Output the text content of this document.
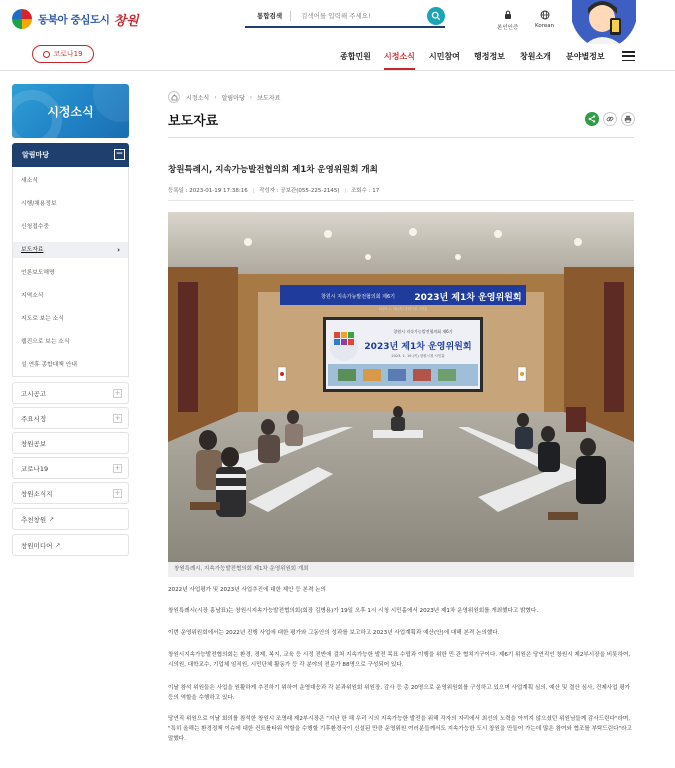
동북아 중심도시 창원	통합검색
검색어를 입력해 주세요!
본인인증	Korean
코로나19	종합민원 시정소식 시민참여 행정정보 창원소개 분야별정보
시정소식
알림마당	−
새소식
시행/채용정보
신청접수중
보도자료	›
언론보도해명
지역소식
지도로 보는 소식
웹진으로 보는 소식
설 연휴 종합대책 안내
고시공고	+
주요시정	+
창원공보
코로나19	+
창원소식지	+
추천창원 ↗
창원미디어 ↗
시정소식 › 알림마당 › 보도자료
보도자료
창원특례시, 지속가능발전협의회 제1차 운영위원회 개최
등록일 : 2023-01-19 17:38:16 | 작성자 : 공보관(055-225-2145) | 조회수 : 17
창원시 지속가능발전협의회 제6기 2023년 제1차 운영위원회
2023. 1. 19.(목) 창원시청 시민홀
창원시 지속가능발전협의회 제6기
2023년 제1차 운영위원회
2023. 1. 19.(목) 창원시청 시민홀
창원특례시, 지속가능발전협의회 제1차 운영위원회 개최
2022년 사업평가 및 2023년 사업추진에 대한 제안 등 본격 논의
창원특례시(시장 홍남표)는 창원시지속가능발전협의회(회장 김병용)가 19일 오후 1시 시청 시민홀에서 2023년 제1차 운영위원회를 개최했다고 밝혔다.
이번 운영위원회에서는 2022년 진행 사업에 대한 평가와 그동안의 성과를 보고하고 2023년 사업계획과 예산(안)에 대해 본격 논의했다.
창원시지속가능발전협의회는 환경, 경제, 복지, 교육 등 시정 전반에 걸쳐 지속가능한 발전 목표 수립과 이행을 위한 민·관 협치기구이다. 제6기 위원은 당연직인 창원시 제2부시장을 비롯하여, 시의원, 대학교수, 기업체 임직원, 시민단체 활동가 등 각 분야의 전문가 88명으로 구성되어 있다.
이날 참석 위원들은 사업을 원활하게 추진하기 위하여 운영대응과 각 분과위원회 위원장, 감사 등 총 20명으로 운영위원회를 구성하고 있으며 사업계획 심의, 예산 및 결산 심사, 건제사업 평가 등의 역할을 수행하고 있다.
당연직 위원으로 이날 회의를 참석한 창원시 조명래 제2부시장은 "지난 한 해 우리 시의 지속가능한 발전을 위해 각자의 자리에서 최선의 노력을 아끼지 않으셨던 위원님들께 감사드린다"라며, "특히 올해는 환경정책 이슈에 대한 컨트롤타워 역할을 수행할 기후환경국이 신설된 만큼 운영위원 여러분들께서도 지속가능한 도시 창원을 만들어 가는데 많은 참여와 협조를 부탁드린다"라고 말했다.
